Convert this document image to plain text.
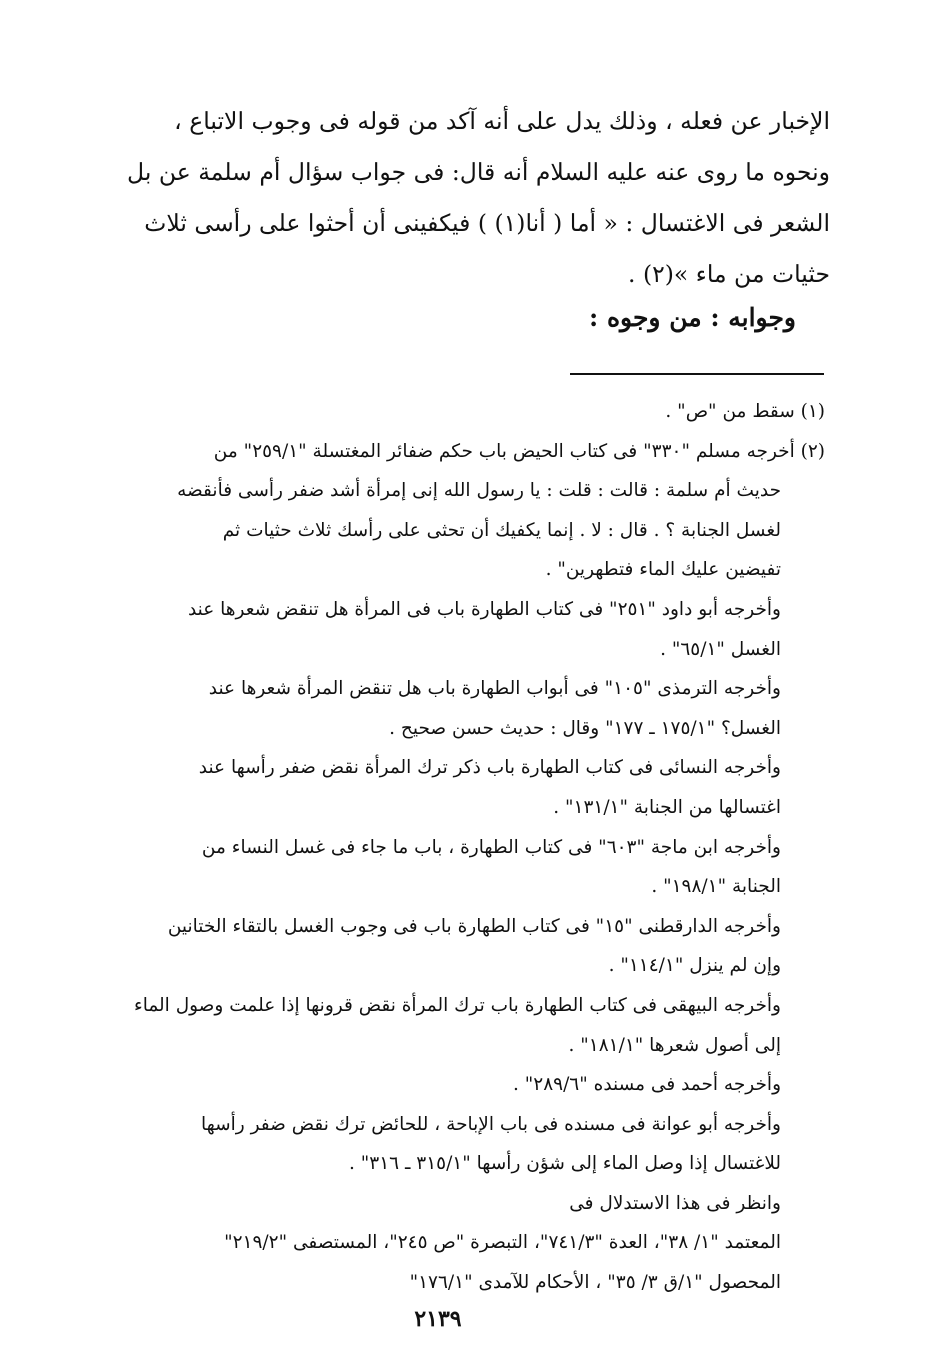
الإخبار عن فعله ، وذلك يدل على أنه آكد من قوله فى وجوب الاتباع ،
ونحوه ما روى عنه عليه السلام أنه قال: فى جواب سؤال أم سلمة عن بل
الشعر فى الاغتسال : « أما ( أنا(١) ) فيكفينى أن أحثوا على رأسى ثلاث
حثيات من ماء »(٢) .
وجوابه : من وجوه :
(١) سقط من "ص" .
(٢) أخرجه مسلم "٣٣٠" فى كتاب الحيض باب حكم ضفائر المغتسلة "٢٥٩/١" من
حديث أم سلمة : قالت : قلت : يا رسول الله إنى إمرأة أشد ضفر رأسى فأنقضه
لغسل الجنابة ؟ . قال : لا . إنما يكفيك أن تحثى على رأسك ثلاث حثيات ثم
تفيضين عليك الماء فتطهرين" .
وأخرجه أبو داود "٢٥١" فى كتاب الطهارة باب فى المرأة هل تنقض شعرها عند
الغسل "٦٥/١" .
وأخرجه الترمذى "١٠٥" فى أبواب الطهارة باب هل تنقض المرأة شعرها عند
الغسل؟ "١٧٥/١ ـ ١٧٧" وقال : حديث حسن صحيح .
وأخرجه النسائى فى كتاب الطهارة باب ذكر ترك المرأة نقض ضفر رأسها عند
اغتسالها من الجنابة "١٣١/١" .
وأخرجه ابن ماجة "٦٠٣" فى كتاب الطهارة ، باب ما جاء فى غسل النساء من
الجنابة "١٩٨/١" .
وأخرجه الدارقطنى "١٥" فى كتاب الطهارة باب فى وجوب الغسل بالتقاء الختانين
وإن لم ينزل "١١٤/١" .
وأخرجه البيهقى فى كتاب الطهارة باب ترك المرأة نقض قرونها إذا علمت وصول الماء
إلى أصول شعرها "١٨١/١" .
وأخرجه أحمد فى مسنده "٢٨٩/٦" .
وأخرجه أبو عوانة فى مسنده فى باب الإباحة ، للحائض ترك نقض ضفر رأسها
للاغتسال إذا وصل الماء إلى شؤن رأسها "٣١٥/١ ـ ٣١٦" .
وانظر فى هذا الاستدلال فى
المعتمد "١/ ٣٨"، العدة "٧٤١/٣"، التبصرة "ص ٢٤٥"، المستصفى "٢١٩/٢"
المحصول "١/ق ٣/ ٣٥" ، الأحكام للآمدى "١٧٦/١"
٢١٣٩
